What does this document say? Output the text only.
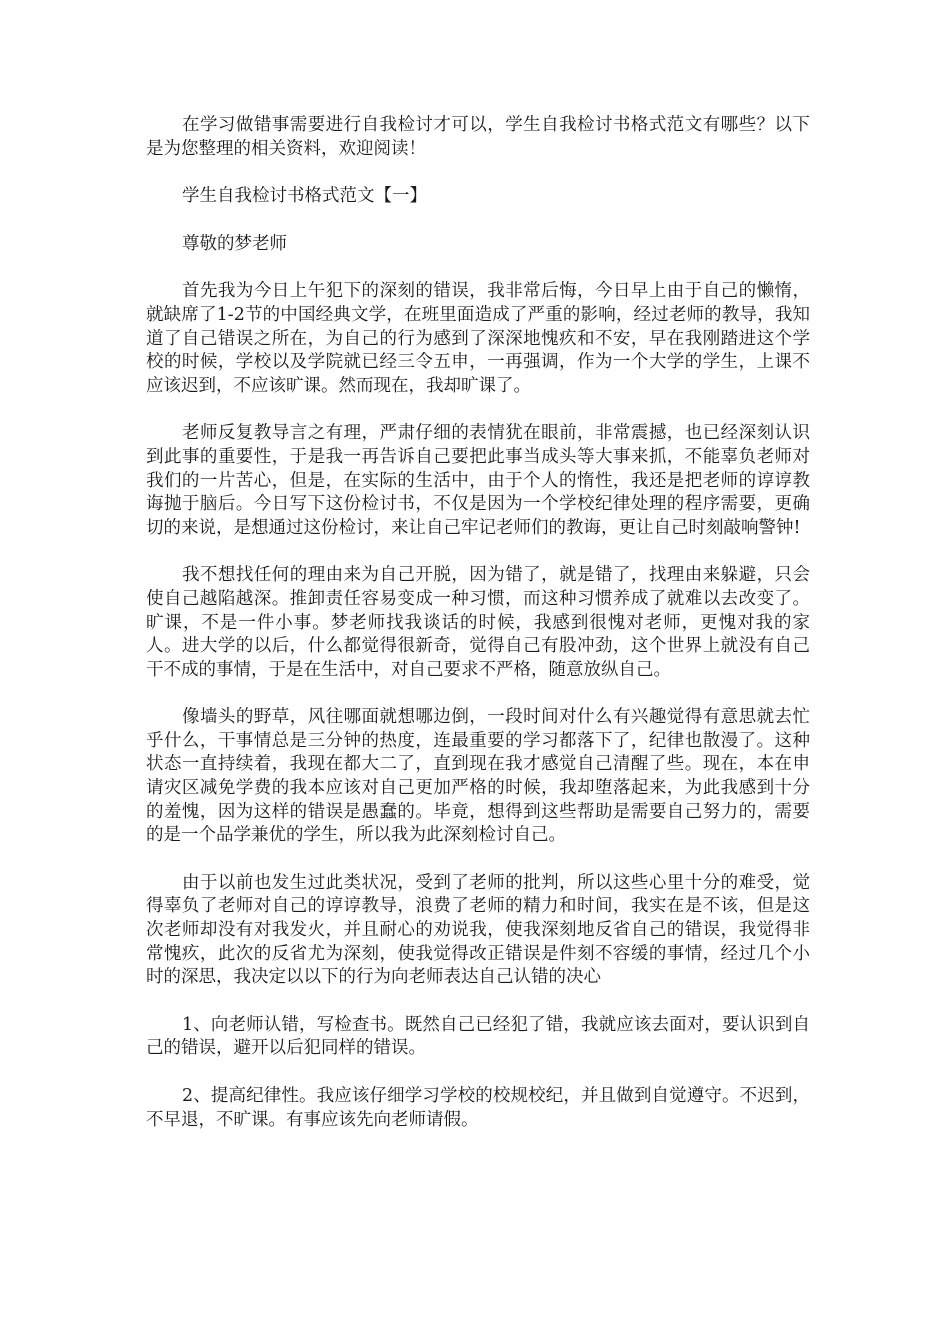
在学习做错事需要进行自我检讨才可以，学生自我检讨书格式范文有哪些？以下是为您整理的相关资料，欢迎阅读！

学生自我检讨书格式范文【一】

尊敬的梦老师

首先我为今日上午犯下的深刻的错误，我非常后悔，今日早上由于自己的懒惰，就缺席了1-2节的中国经典文学，在班里面造成了严重的影响，经过老师的教导，我知道了自己错误之所在，为自己的行为感到了深深地愧疚和不安，早在我刚踏进这个学校的时候，学校以及学院就已经三令五申，一再强调，作为一个大学的学生，上课不应该迟到，不应该旷课。然而现在，我却旷课了。

老师反复教导言之有理，严肃仔细的表情犹在眼前，非常震撼，也已经深刻认识到此事的重要性，于是我一再告诉自己要把此事当成头等大事来抓，不能辜负老师对我们的一片苦心，但是，在实际的生活中，由于个人的惰性，我还是把老师的谆谆教诲抛于脑后。今日写下这份检讨书，不仅是因为一个学校纪律处理的程序需要，更确切的来说，是想通过这份检讨，来让自己牢记老师们的教诲，更让自己时刻敲响警钟!

我不想找任何的理由来为自己开脱，因为错了，就是错了，找理由来躲避，只会使自己越陷越深。推卸责任容易变成一种习惯，而这种习惯养成了就难以去改变了。旷课，不是一件小事。梦老师找我谈话的时候，我感到很愧对老师，更愧对我的家人。进大学的以后，什么都觉得很新奇，觉得自己有股冲劲，这个世界上就没有自己干不成的事情，于是在生活中，对自己要求不严格，随意放纵自己。

像墙头的野草，风往哪面就想哪边倒，一段时间对什么有兴趣觉得有意思就去忙乎什么，干事情总是三分钟的热度，连最重要的学习都落下了，纪律也散漫了。这种状态一直持续着，我现在都大二了，直到现在我才感觉自己清醒了些。现在，本在申请灾区减免学费的我本应该对自己更加严格的时候，我却堕落起来，为此我感到十分的羞愧，因为这样的错误是愚蠢的。毕竟，想得到这些帮助是需要自己努力的，需要的是一个品学兼优的学生，所以我为此深刻检讨自己。

由于以前也发生过此类状况，受到了老师的批判，所以这些心里十分的难受，觉得辜负了老师对自己的谆谆教导，浪费了老师的精力和时间，我实在是不该，但是这次老师却没有对我发火，并且耐心的劝说我，使我深刻地反省自己的错误，我觉得非常愧疚，此次的反省尤为深刻，使我觉得改正错误是件刻不容缓的事情，经过几个小时的深思，我决定以以下的行为向老师表达自己认错的决心

1、向老师认错，写检查书。既然自己已经犯了错，我就应该去面对，要认识到自己的错误，避开以后犯同样的错误。

2、提高纪律性。我应该仔细学习学校的校规校纪，并且做到自觉遵守。不迟到，不早退，不旷课。有事应该先向老师请假。
